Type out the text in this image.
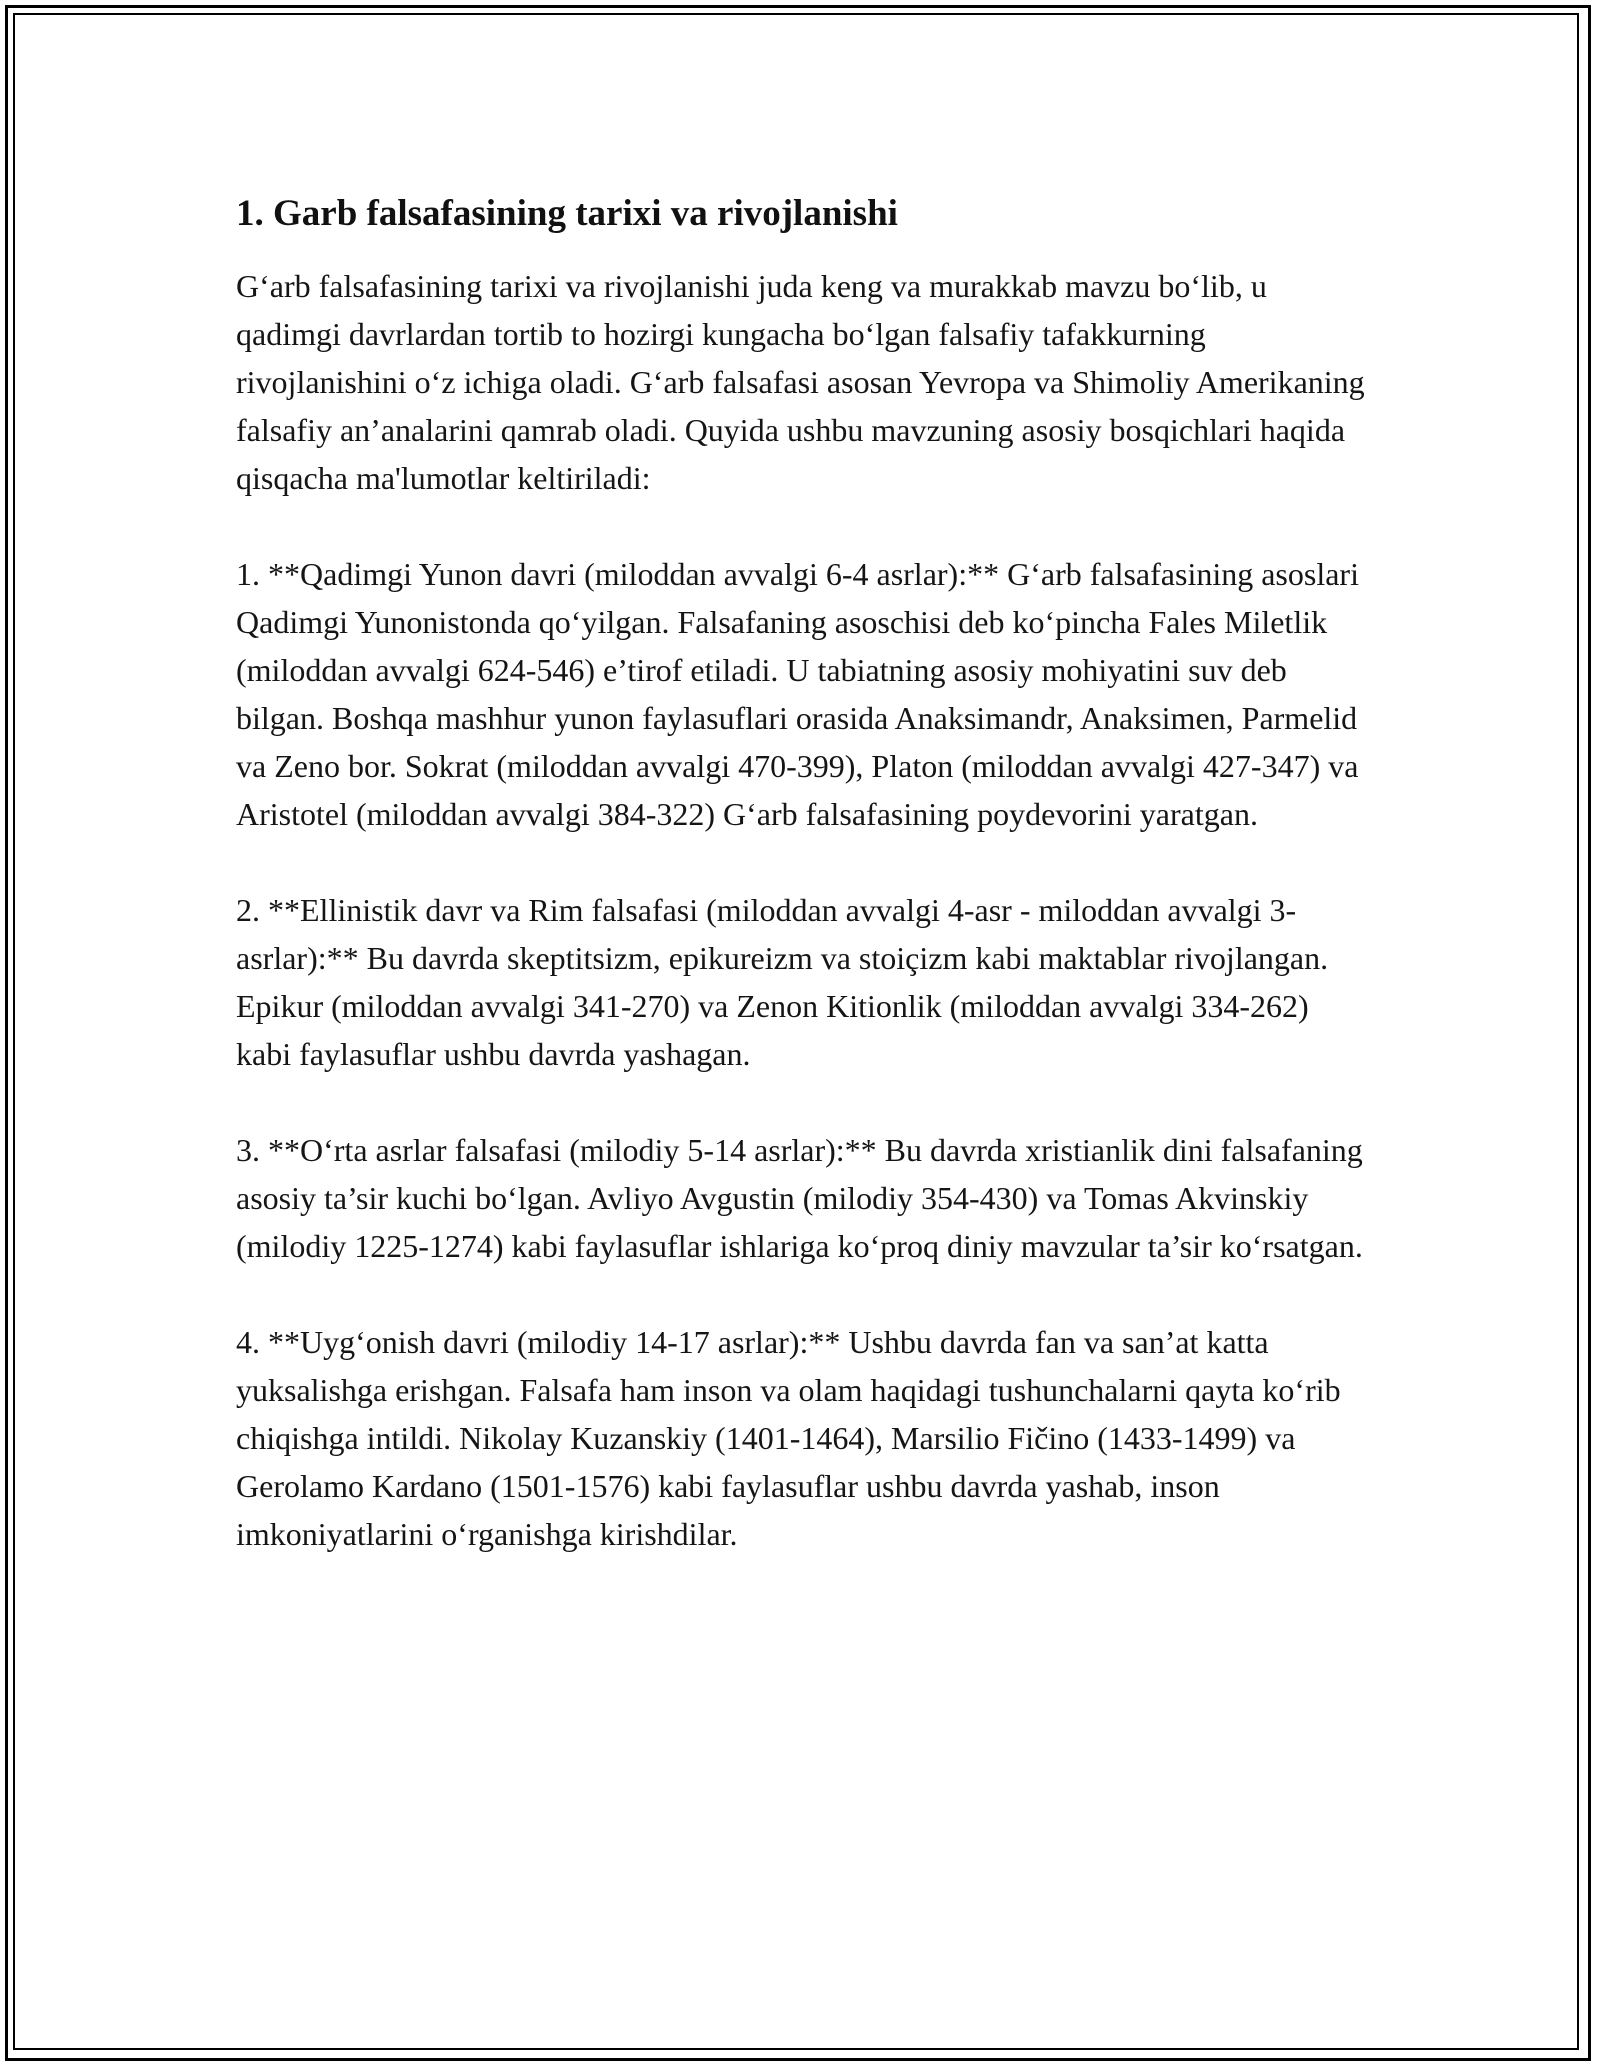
1. Garb falsafasining tarixi va rivojlanishi

G‘arb falsafasining tarixi va rivojlanishi juda keng va murakkab mavzu bo‘lib, u qadimgi davrlardan tortib to hozirgi kungacha bo‘lgan falsafiy tafakkurning rivojlanishini o‘z ichiga oladi. G‘arb falsafasi asosan Yevropa va Shimoliy Amerikaning falsafiy an’analarini qamrab oladi. Quyida ushbu mavzuning asosiy bosqichlari haqida qisqacha ma'lumotlar keltiriladi:

1. **Qadimgi Yunon davri (miloddan avvalgi 6-4 asrlar):** G‘arb falsafasining asoslari Qadimgi Yunonistonda qo‘yilgan. Falsafaning asoschisi deb ko‘pincha Fales Miletlik (miloddan avvalgi 624-546) e’tirof etiladi. U tabiatning asosiy mohiyatini suv deb bilgan. Boshqa mashhur yunon faylasuflari orasida Anaksimandr, Anaksimen, Parmelid va Zeno bor. Sokrat (miloddan avvalgi 470-399), Platon (miloddan avvalgi 427-347) va Aristotel (miloddan avvalgi 384-322) G‘arb falsafasining poydevorini yaratgan.

2. **Ellinistik davr va Rim falsafasi (miloddan avvalgi 4-asr - miloddan avvalgi 3-asrlar):** Bu davrda skeptitsizm, epikureizm va stoiçizm kabi maktablar rivojlangan. Epikur (miloddan avvalgi 341-270) va Zenon Kitionlik (miloddan avvalgi 334-262) kabi faylasuflar ushbu davrda yashagan.

3. **O‘rta asrlar falsafasi (milodiy 5-14 asrlar):** Bu davrda xristianlik dini falsafaning asosiy ta’sir kuchi bo‘lgan. Avliyo Avgustin (milodiy 354-430) va Tomas Akvinskiy (milodiy 1225-1274) kabi faylasuflar ishlariga ko‘proq diniy mavzular ta’sir ko‘rsatgan.

4. **Uyg‘onish davri (milodiy 14-17 asrlar):** Ushbu davrda fan va san’at katta yuksalishga erishgan. Falsafa ham inson va olam haqidagi tushunchalarni qayta ko‘rib chiqishga intildi. Nikolay Kuzanskiy (1401-1464), Marsilio Fičino (1433-1499) va Gerolamo Kardano (1501-1576) kabi faylasuflar ushbu davrda yashab, inson imkoniyatlarini o‘rganishga kirishdilar.
